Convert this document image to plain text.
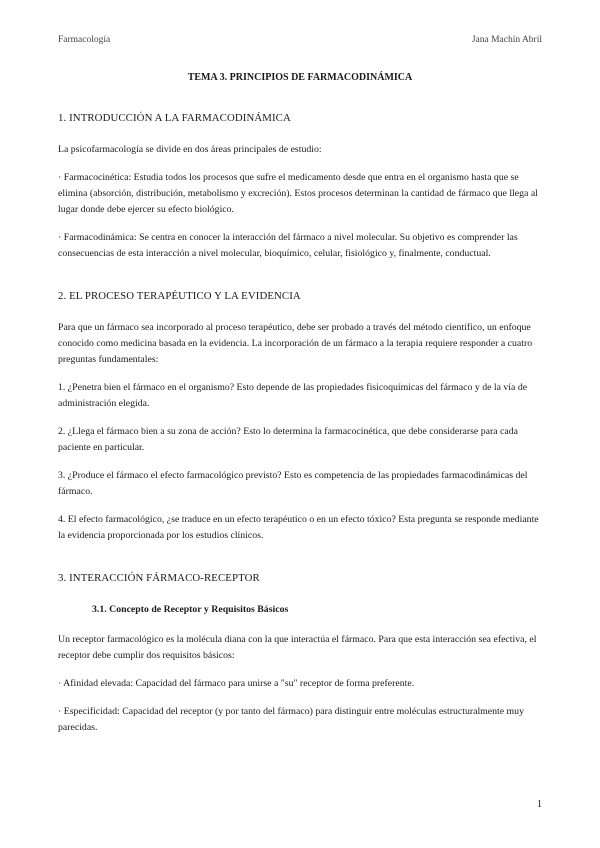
Farmacología	Jana Machín Abril
TEMA 3. PRINCIPIOS DE FARMACODINÁMICA
1. INTRODUCCIÓN A LA FARMACODINÁMICA

La psicofarmacología se divide en dos áreas principales de estudio:

· Farmacocinética: Estudia todos los procesos que sufre el medicamento desde que entra en el organismo hasta que se elimina (absorción, distribución, metabolismo y excreción). Estos procesos determinan la cantidad de fármaco que llega al lugar donde debe ejercer su efecto biológico.

· Farmacodinámica: Se centra en conocer la interacción del fármaco a nivel molecular. Su objetivo es comprender las consecuencias de esta interacción a nivel molecular, bioquímico, celular, fisiológico y, finalmente, conductual.

2. EL PROCESO TERAPÉUTICO Y LA EVIDENCIA

Para que un fármaco sea incorporado al proceso terapéutico, debe ser probado a través del método científico, un enfoque conocido como medicina basada en la evidencia. La incorporación de un fármaco a la terapia requiere responder a cuatro preguntas fundamentales:

1. ¿Penetra bien el fármaco en el organismo? Esto depende de las propiedades fisicoquímicas del fármaco y de la vía de administración elegida.

2. ¿Llega el fármaco bien a su zona de acción? Esto lo determina la farmacocinética, que debe considerarse para cada paciente en particular.

3. ¿Produce el fármaco el efecto farmacológico previsto? Esto es competencia de las propiedades farmacodinámicas del fármaco.

4. El efecto farmacológico, ¿se traduce en un efecto terapéutico o en un efecto tóxico? Esta pregunta se responde mediante la evidencia proporcionada por los estudios clínicos.

3. INTERACCIÓN FÁRMACO-RECEPTOR
3.1. Concepto de Receptor y Requisitos Básicos

Un receptor farmacológico es la molécula diana con la que interactúa el fármaco. Para que esta interacción sea efectiva, el receptor debe cumplir dos requisitos básicos:

· Afinidad elevada: Capacidad del fármaco para unirse a "su" receptor de forma preferente.

· Especificidad: Capacidad del receptor (y por tanto del fármaco) para distinguir entre moléculas estructuralmente muy parecidas.

1
